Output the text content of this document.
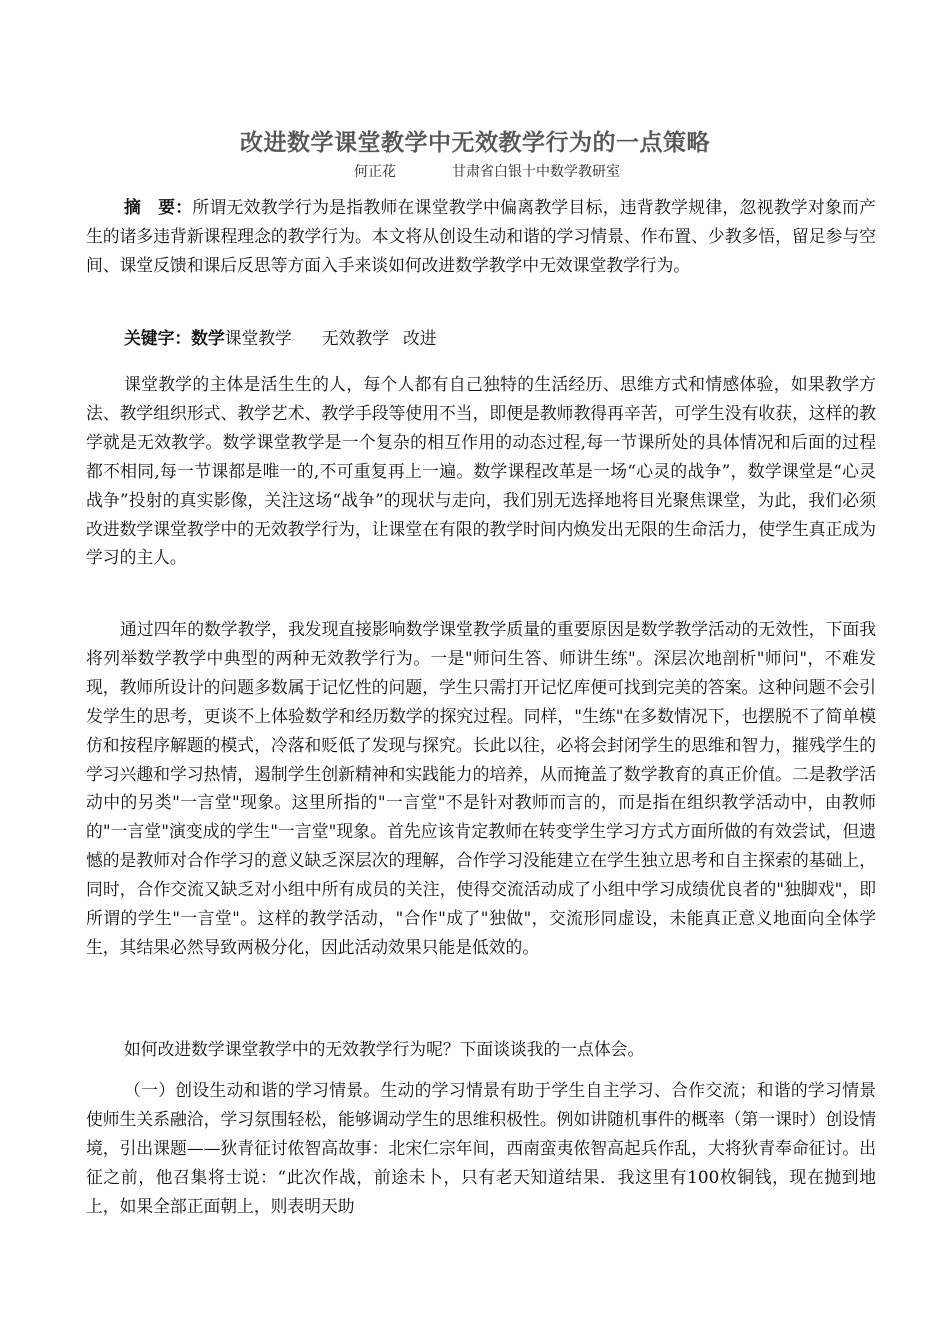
改进数学课堂教学中无效教学行为的一点策略
何正花	甘肃省白银十中数学教研室

摘　要：所谓无效教学行为是指教师在课堂教学中偏离教学目标，违背教学规律，忽视教学对象而产生的诸多违背新课程理念的教学行为。本文将从创设生动和谐的学习情景、作布置、少教多悟，留足参与空间、课堂反馈和课后反思等方面入手来谈如何改进数学教学中无效课堂教学行为。

关键字：数学课堂教学 无效教学 改进

课堂教学的主体是活生生的人，每个人都有自己独特的生活经历、思维方式和情感体验，如果教学方法、教学组织形式、教学艺术、教学手段等使用不当，即便是教师教得再辛苦，可学生没有收获，这样的教学就是无效教学。数学课堂教学是一个复杂的相互作用的动态过程,每一节课所处的具体情况和后面的过程都不相同,每一节课都是唯一的,不可重复再上一遍。数学课程改革是一场“心灵的战争”，数学课堂是“心灵战争”投射的真实影像，关注这场“战争”的现状与走向，我们别无选择地将目光聚焦课堂，为此，我们必须改进数学课堂教学中的无效教学行为，让课堂在有限的教学时间内焕发出无限的生命活力，使学生真正成为学习的主人。

通过四年的数学教学，我发现直接影响数学课堂教学质量的重要原因是数学教学活动的无效性，下面我将列举数学教学中典型的两种无效教学行为。一是"师问生答、师讲生练"。深层次地剖析"师问"，不难发现，教师所设计的问题多数属于记忆性的问题，学生只需打开记忆库便可找到完美的答案。这种问题不会引发学生的思考，更谈不上体验数学和经历数学的探究过程。同样，"生练"在多数情况下，也摆脱不了简单模仿和按程序解题的模式，冷落和贬低了发现与探究。长此以往，必将会封闭学生的思维和智力，摧残学生的学习兴趣和学习热情，遏制学生创新精神和实践能力的培养，从而掩盖了数学教育的真正价值。二是教学活动中的另类"一言堂"现象。这里所指的"一言堂"不是针对教师而言的，而是指在组织教学活动中，由教师的"一言堂"演变成的学生"一言堂"现象。首先应该肯定教师在转变学生学习方式方面所做的有效尝试，但遗憾的是教师对合作学习的意义缺乏深层次的理解，合作学习没能建立在学生独立思考和自主探索的基础上，同时，合作交流又缺乏对小组中所有成员的关注，使得交流活动成了小组中学习成绩优良者的"独脚戏"，即所谓的学生"一言堂"。这样的教学活动，"合作"成了"独做"，交流形同虚设，未能真正意义地面向全体学生，其结果必然导致两极分化，因此活动效果只能是低效的。

如何改进数学课堂教学中的无效教学行为呢？下面谈谈我的一点体会。

（一）创设生动和谐的学习情景。生动的学习情景有助于学生自主学习、合作交流；和谐的学习情景使师生关系融洽，学习氛围轻松，能够调动学生的思维积极性。例如讲随机事件的概率（第一课时）创设情境，引出课题——狄青征讨侬智高故事：北宋仁宗年间，西南蛮夷侬智高起兵作乱，大将狄青奉命征讨。出征之前，他召集将士说：“此次作战，前途未卜，只有老天知道结果．我这里有100枚铜钱，现在抛到地上，如果全部正面朝上，则表明天助
